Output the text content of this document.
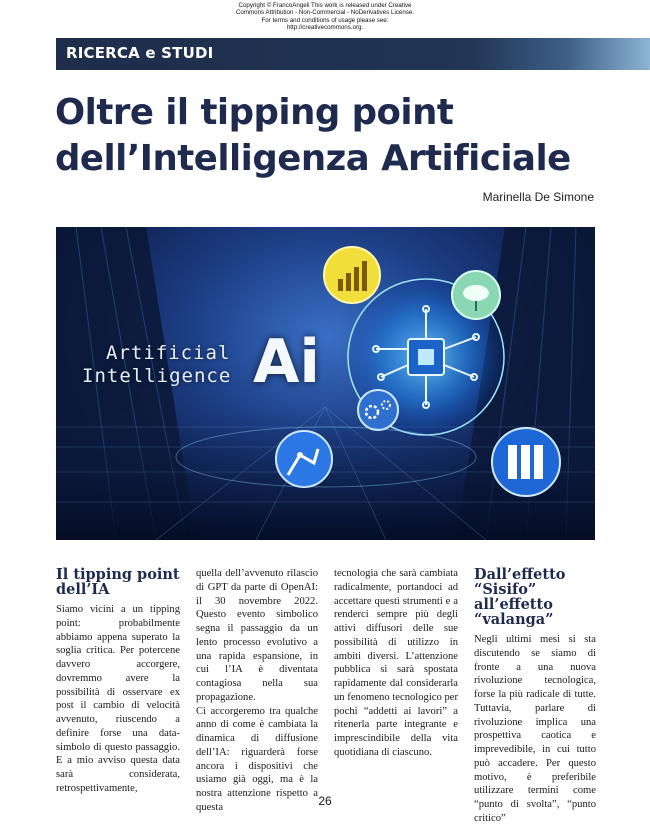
Copyright © FrancoAngeli This work is released under Creative
Commons Attribution - Non-Commercial - NoDerivatives License.
For terms and conditions of usage please see:
http://creativecommons.org.
RICERCA e STUDI
Oltre il tipping point
dell’Intelligenza Artificiale
Marinella De Simone
Artificial
Intelligence Ai
Il tipping point dell’IA

Siamo vicini a un tipping point: probabilmente abbiamo appena superato la soglia critica. Per potercene davvero accorgere, dovremmo avere la possibilità di osservare ex post il cambio di velocità avvenuto, riuscendo a definire forse una data-simbolo di questo passaggio. E a mio avviso questa data sarà considerata, retrospettivamente,

quella dell’avvenuto rilascio di GPT da parte di OpenAI: il 30 novembre 2022. Questo evento simbolico segna il passaggio da un lento processo evolutivo a una rapida espansione, in cui l’IA è diventata contagiosa nella sua propagazione.

Ci accorgeremo tra qualche anno di come è cambiata la dinamica di diffusione dell’IA: riguarderà forse ancora i dispositivi che usiamo già oggi, ma è la nostra attenzione rispetto a questa

tecnologia che sarà cambiata radicalmente, portandoci ad accettare questi strumenti e a renderci sempre più degli attivi diffusori delle sue possibilità di utilizzo in ambiti diversi. L’attenzione pubblica si sarà spostata rapidamente dal considerarla un fenomeno tecnologico per pochi “addetti ai lavori” a ritenerla parte integrante e imprescindibile della vita quotidiana di ciascuno.

Dall’effetto “Sisifo” all’effetto “valanga”

Negli ultimi mesi si sta discutendo se siamo di fronte a una nuova rivoluzione tecnologica, forse la più radicale di tutte. Tuttavia, parlare di rivoluzione implica una prospettiva caotica e imprevedibile, in cui tutto può accadere. Per questo motivo, è preferibile utilizzare termini come “punto di svolta”, “punto critico”

26
